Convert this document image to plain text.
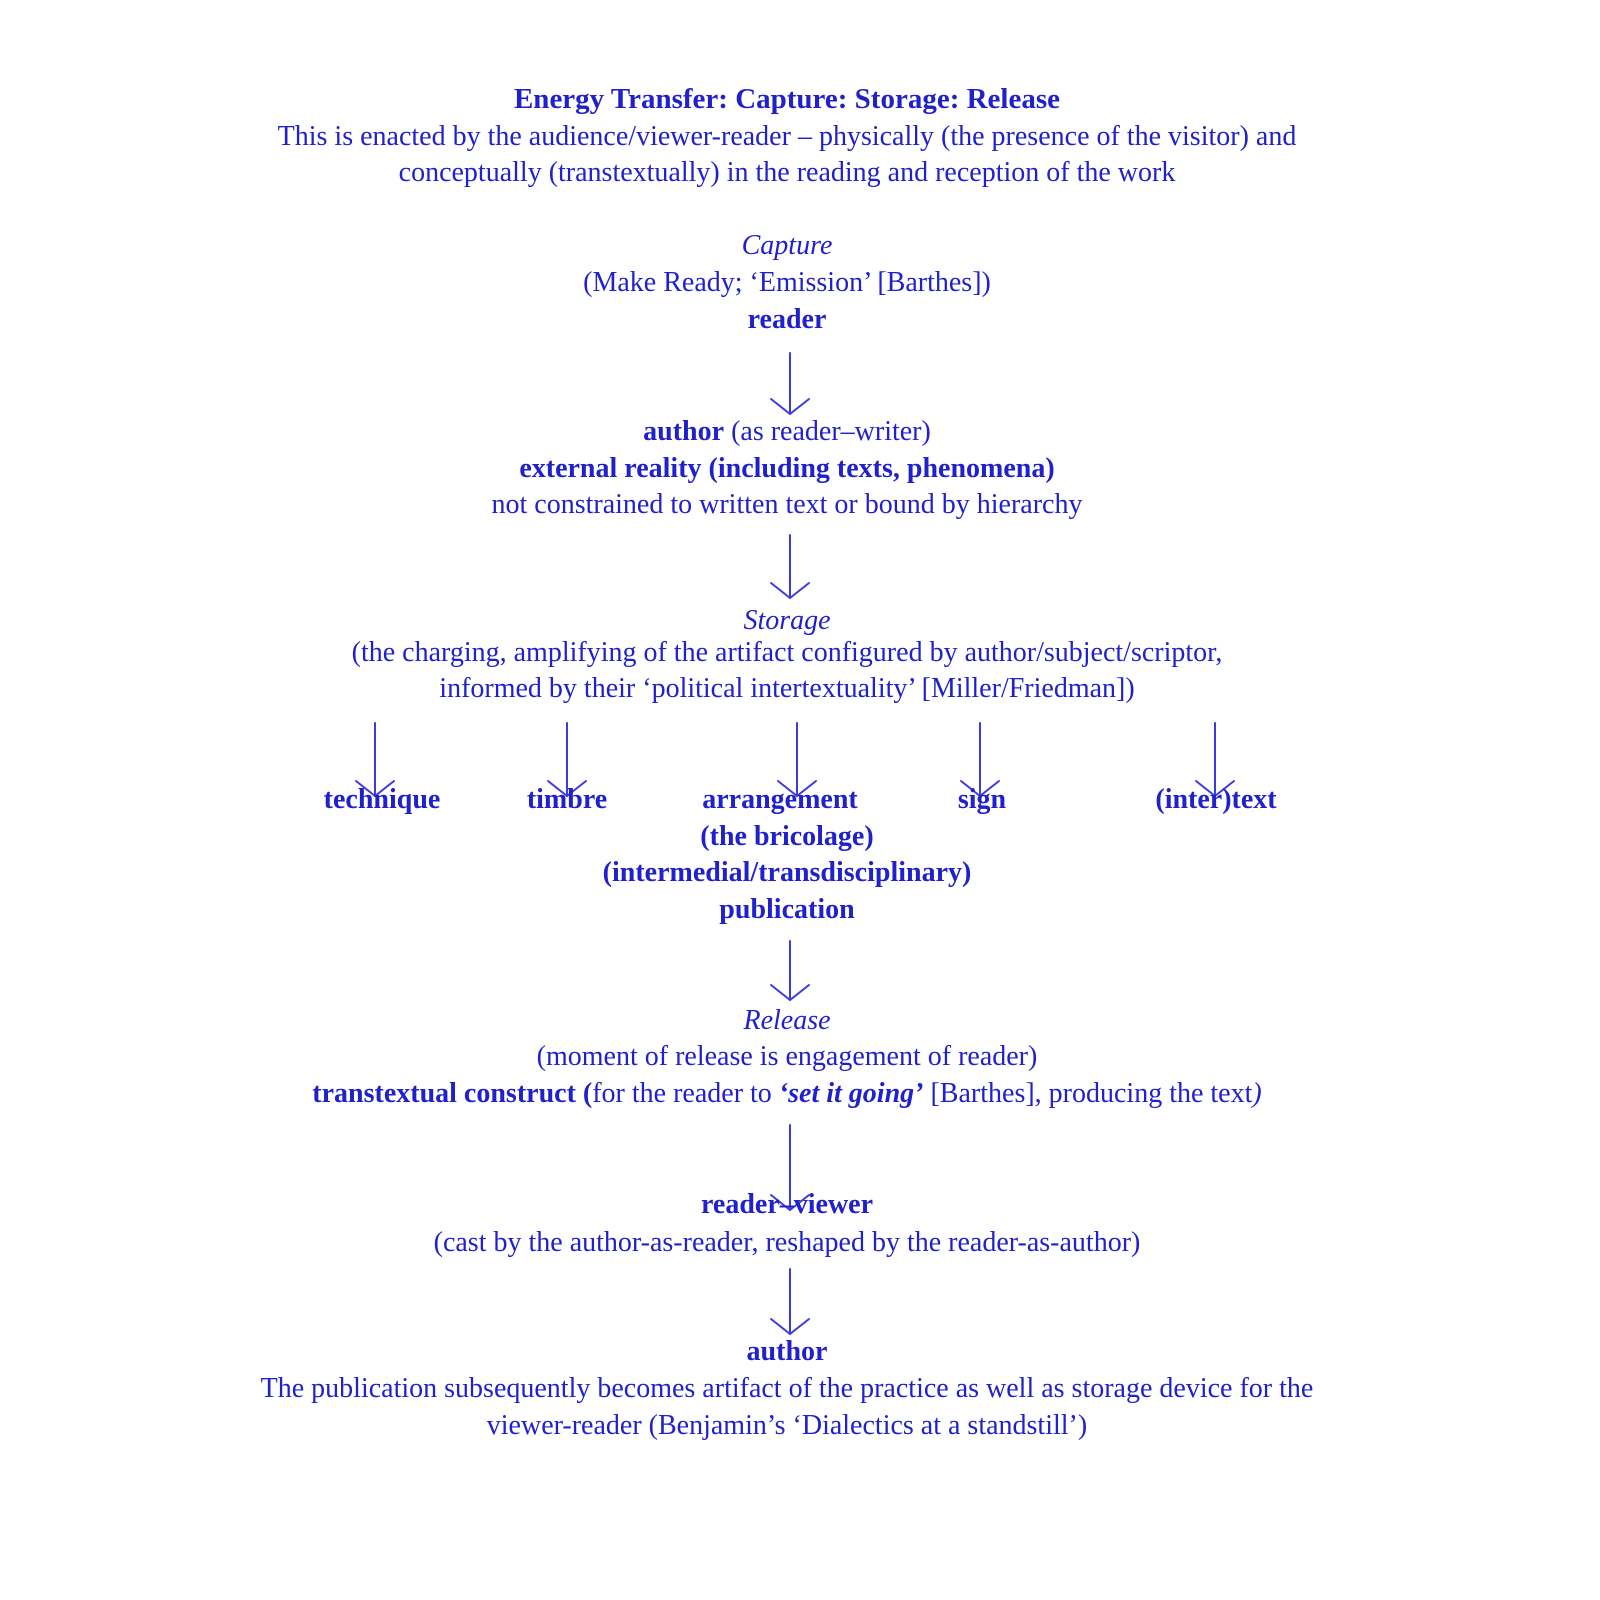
Energy Transfer: Capture: Storage: Release
This is enacted by the audience/viewer-reader – physically (the presence of the visitor) and
conceptually (transtextually) in the reading and reception of the work
Capture
(Make Ready; ‘Emission’ [Barthes])
reader
author (as reader–writer)
external reality (including texts, phenomena)
not constrained to written text or bound by hierarchy
Storage
(the charging, amplifying of the artifact configured by author/subject/scriptor,
informed by their ‘political intertextuality’ [Miller/Friedman])
technique	timbre	arrangement	sign	(inter)text
(the bricolage)
(intermedial/transdisciplinary)
publication
Release
(moment of release is engagement of reader)
transtextual construct (for the reader to ‘set it going’ [Barthes], producing the text)
reader–viewer
(cast by the author-as-reader, reshaped by the reader-as-author)
author
The publication subsequently becomes artifact of the practice as well as storage device for the
viewer-reader (Benjamin’s ‘Dialectics at a standstill’)
